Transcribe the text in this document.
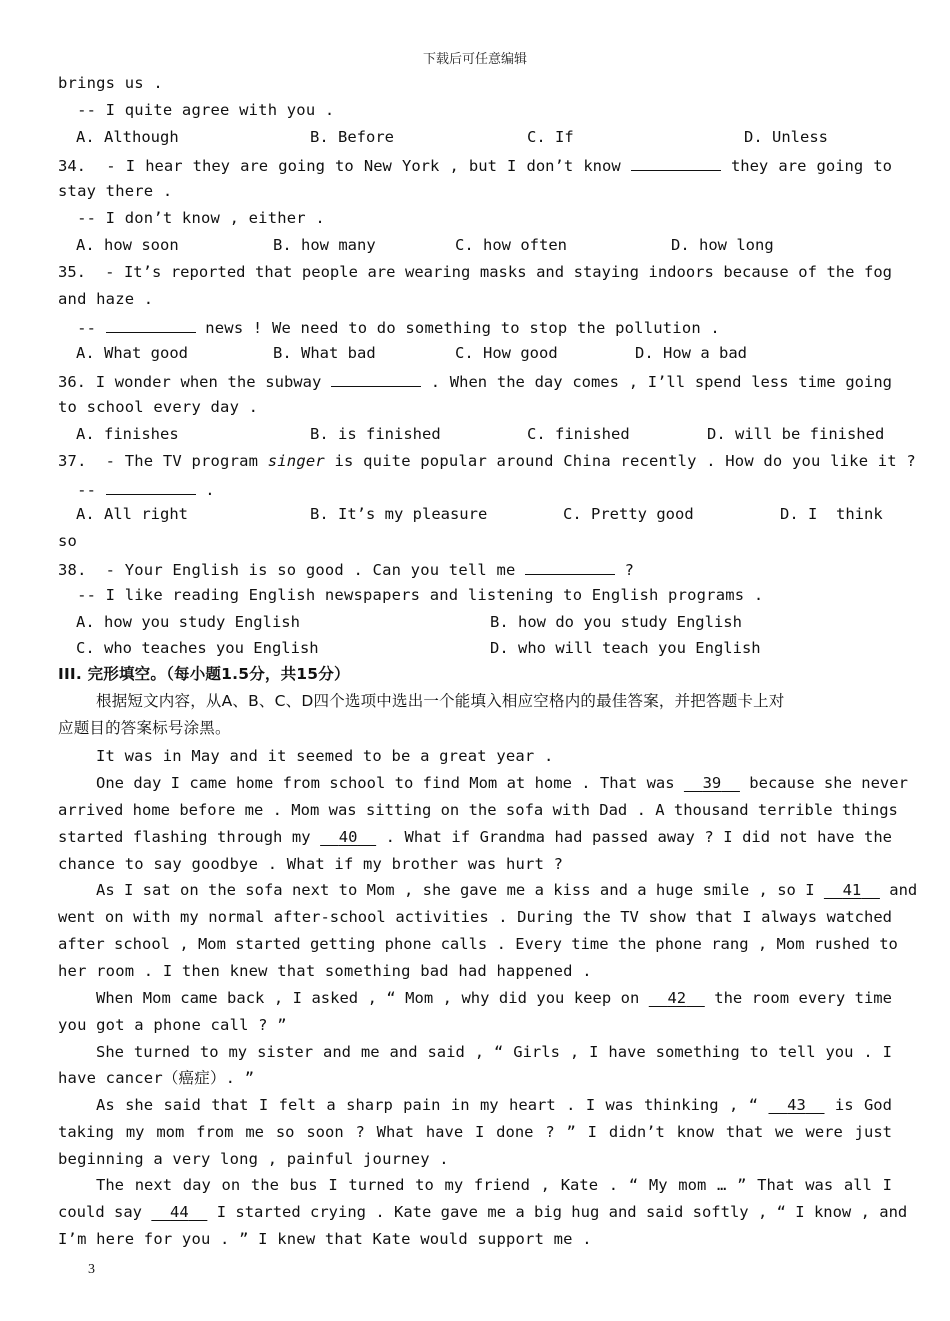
下载后可任意编辑
brings us .
-- I quite agree with you .
A. Although	B. Before	C. If	D. Unless
34.  - I hear they are going to New York , but I don’t know	they are going to
stay there .
-- I don’t know , either .
A. how soon	B. how many	C. how often	D. how long
35.  - It’s reported that people are wearing masks and staying indoors because of the fog
and haze .
--	news ! We need to do something to stop the pollution .
A. What good	B. What bad	C. How good	D. How a bad
36. I wonder when the subway	. When the day comes , I’ll spend less time going
to school every day .
A. finishes	B. is finished	C. finished	D. will be finished
37.  - The TV program singer is quite popular around China recently . How do you like it ?
--	.
A. All right	B. It’s my pleasure	C. Pretty good	D. I  think
so
38.  - Your English is so good . Can you tell me	?
-- I like reading English newspapers and listening to English programs .
A. how you study English	B. how do you study English
C. who teaches you English	D. who will teach you English
III. 完形填空。（每小题1.5分，共15分）
根据短文内容，从A、B、C、D四个选项中选出一个能填入相应空格内的最佳答案，并把答题卡上对
应题目的答案标号涂黑。
It was in May and it seemed to be a great year .
One day I came home from school to find Mom at home . That was 39 because she never
arrived home before me . Mom was sitting on the sofa with Dad . A thousand terrible things
started flashing through my 40 . What if Grandma had passed away ? I did not have the
chance to say goodbye . What if my brother was hurt ?
As I sat on the sofa next to Mom , she gave me a kiss and a huge smile , so I 41 and
went on with my normal after-school activities . During the TV show that I always watched
after school , Mom started getting phone calls . Every time the phone rang , Mom rushed to
her room . I then knew that something bad had happened .
When Mom came back , I asked , “ Mom , why did you keep on 42 the room every time
you got a phone call ? ”
She turned to my sister and me and said , “ Girls , I have something to tell you . I
have cancer（癌症）. ”
As she said that I felt a sharp pain in my heart . I was thinking , “ 43 is God
taking my mom from me so soon ? What have I done ? ” I didn’t know that we were just
beginning a very long , painful journey .
The next day on the bus I turned to my friend , Kate . “ My mom … ” That was all I
could say 44 I started crying . Kate gave me a big hug and said softly , “ I know , and
I’m here for you . ” I knew that Kate would support me .
3
